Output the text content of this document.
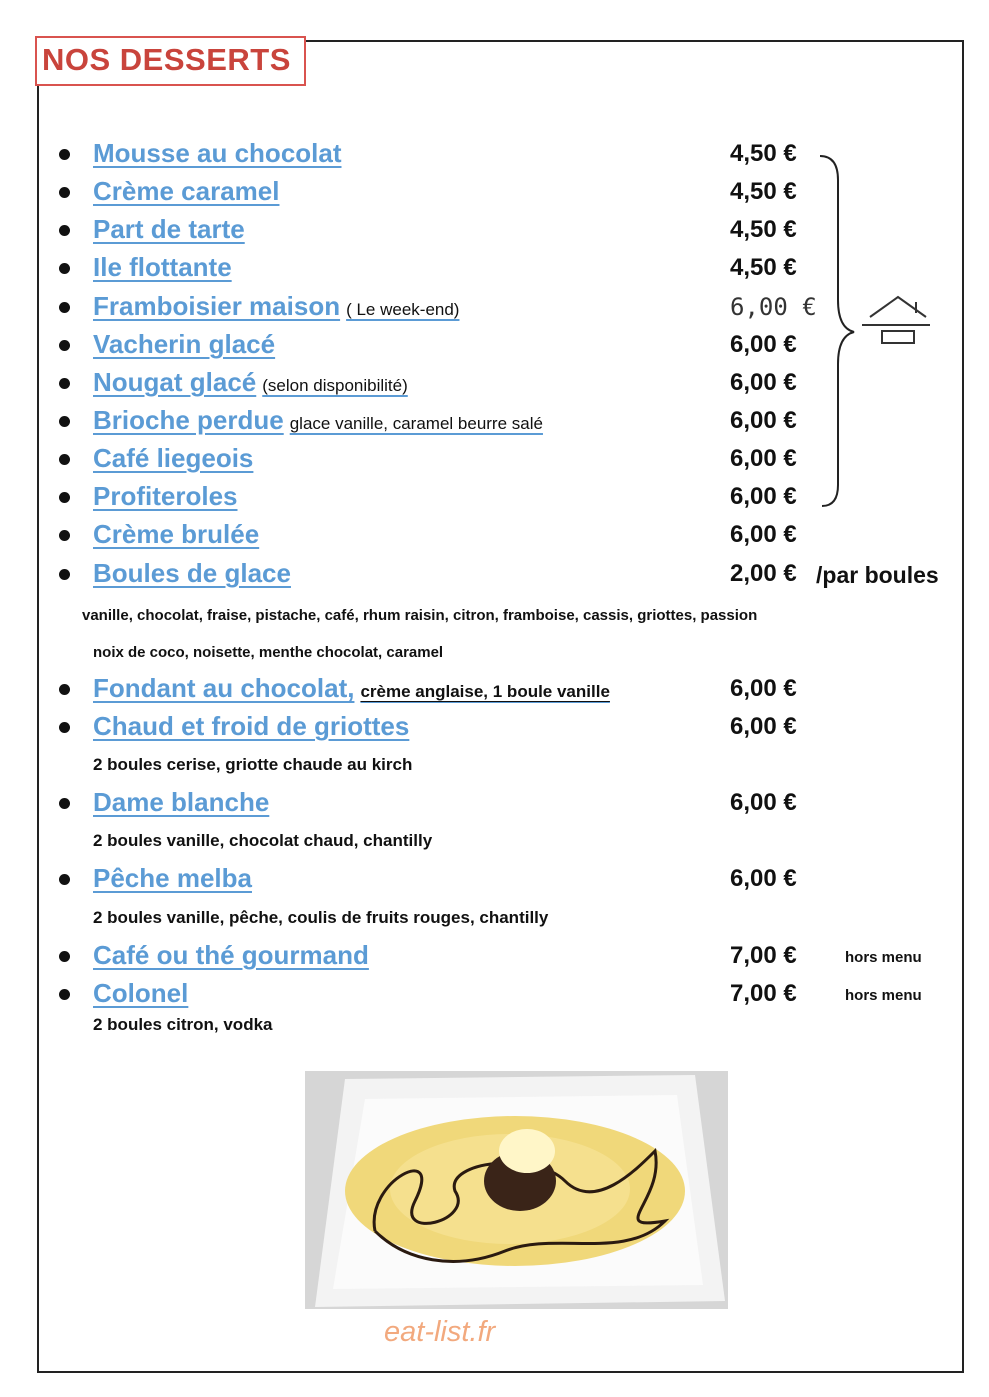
NOS DESSERTS
Mousse au chocolat	4,50 €
Crème caramel	4,50 €
Part de tarte	4,50 €
Ile flottante	4,50 €
Framboisier maison ( Le week-end)	6,00 €
Vacherin glacé	6,00 €
Nougat glacé (selon disponibilité)	6,00 €
Brioche perdue glace vanille, caramel beurre salé	6,00 €
Café liegeois	6,00 €
Profiteroles	6,00 €
Crème brulée	6,00 €
Boules de glace	2,00 € /par boules
vanille, chocolat, fraise, pistache, café, rhum raisin, citron, framboise, cassis, griottes, passion
noix de coco, noisette, menthe chocolat, caramel
Fondant au chocolat, crème anglaise, 1 boule vanille	6,00 €
Chaud et froid de griottes	6,00 €
2 boules cerise, griotte chaude au kirch
Dame blanche	6,00 €
2 boules vanille, chocolat chaud, chantilly
Pêche melba	6,00 €
2 boules vanille, pêche, coulis de fruits rouges, chantilly
Café ou thé gourmand	7,00 €	hors menu
Colonel	7,00 €	hors menu
2 boules citron, vodka
eat-list.fr
